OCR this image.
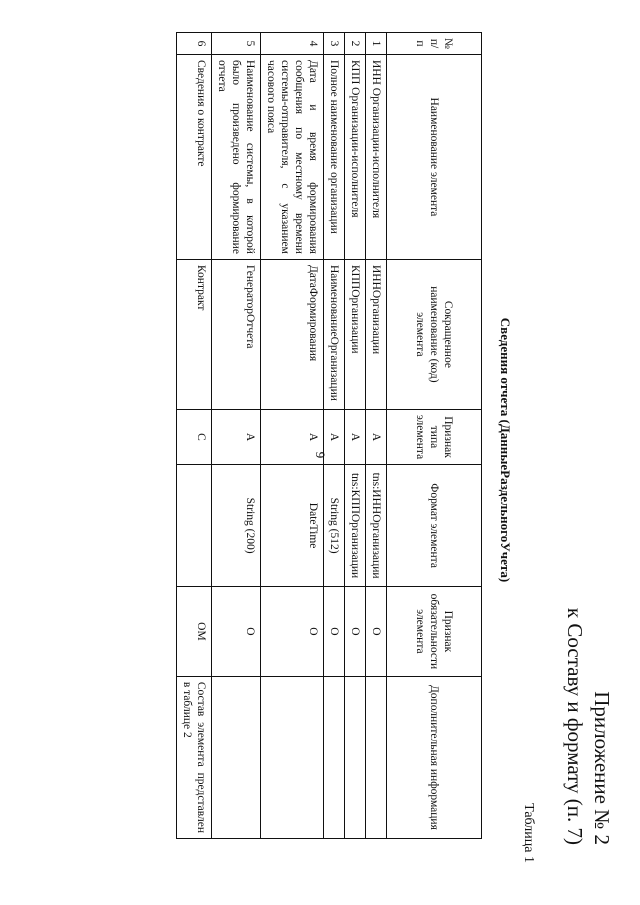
9
Приложение № 2
к Составу и формату (п. 7)
Таблица 1
Сведения отчета (ДанныеРаздельногоУчета)
№ п/п	Наименование элемента	Сокращенное наименование (код) элемента	Признак типа элемента	Формат элемента	Признак обязательности элемента	Дополнительная информация
1	ИНН Организации-исполнителя	ИННОрганизации	А	tns:ИННОрганизации	О	
2	КПП Организации-исполнителя	КППОрганизации	А	tns:КППОрганизации	О	
3	Полное наименование организации	НаименованиеОрганизации	А	String (512)	О	
4	Дата и время формирования сообщения по местному времени системы-отправителя, с указанием часового пояса	ДатаФормирования	А	DateTime	О	
5	Наименование системы, в которой было произведено формирование отчета	ГенераторОтчета	А	String (200)	О	
6	Сведения о контракте	Контракт	С		ОМ	Состав элемента представлен в таблице 2
